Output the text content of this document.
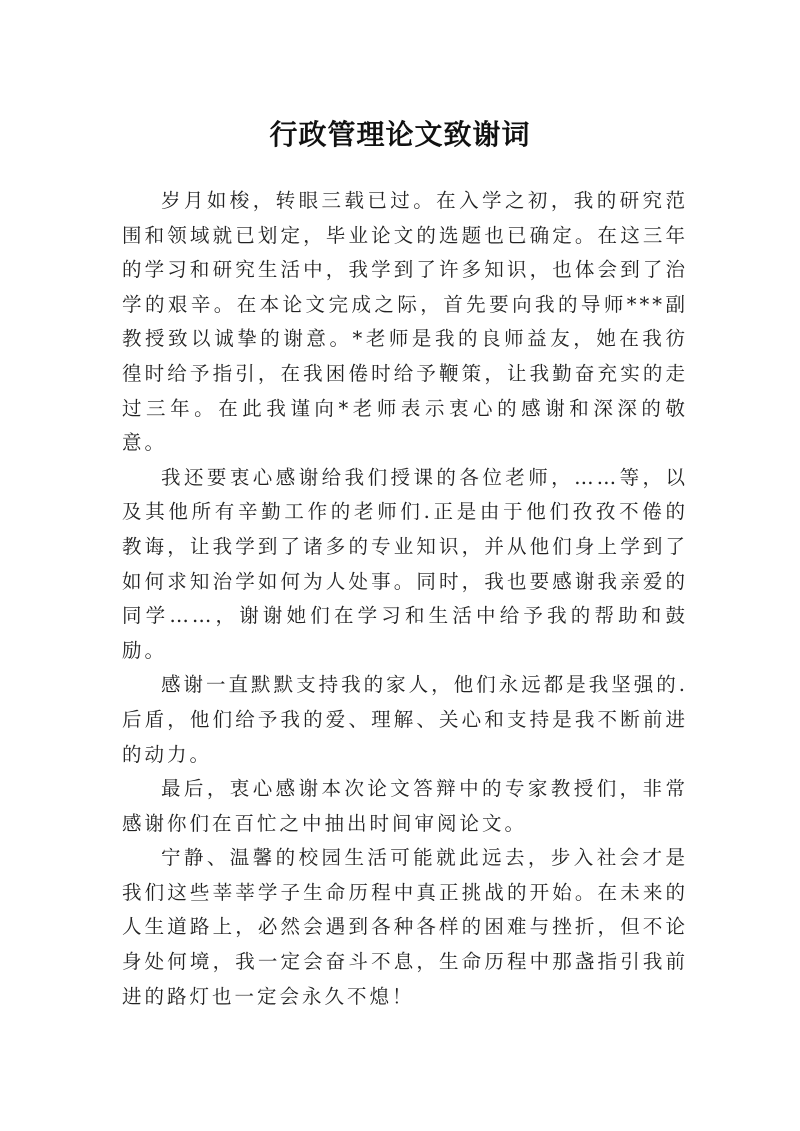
行政管理论文致谢词

岁月如梭，转眼三载已过。在入学之初，我的研究范围和领域就已划定，毕业论文的选题也已确定。在这三年的学习和研究生活中，我学到了许多知识，也体会到了治学的艰辛。在本论文完成之际，首先要向我的导师***副教授致以诚挚的谢意。*老师是我的良师益友，她在我彷徨时给予指引，在我困倦时给予鞭策，让我勤奋充实的走过三年。在此我谨向*老师表示衷心的感谢和深深的敬意。

我还要衷心感谢给我们授课的各位老师，……等，以及其他所有辛勤工作的老师们.正是由于他们孜孜不倦的教诲，让我学到了诸多的专业知识，并从他们身上学到了如何求知治学如何为人处事。同时，我也要感谢我亲爱的同学……，谢谢她们在学习和生活中给予我的帮助和鼓励。

感谢一直默默支持我的家人，他们永远都是我坚强的.后盾，他们给予我的爱、理解、关心和支持是我不断前进的动力。

最后，衷心感谢本次论文答辩中的专家教授们，非常感谢你们在百忙之中抽出时间审阅论文。

宁静、温馨的校园生活可能就此远去，步入社会才是我们这些莘莘学子生命历程中真正挑战的开始。在未来的人生道路上，必然会遇到各种各样的困难与挫折，但不论身处何境，我一定会奋斗不息，生命历程中那盏指引我前进的路灯也一定会永久不熄！
